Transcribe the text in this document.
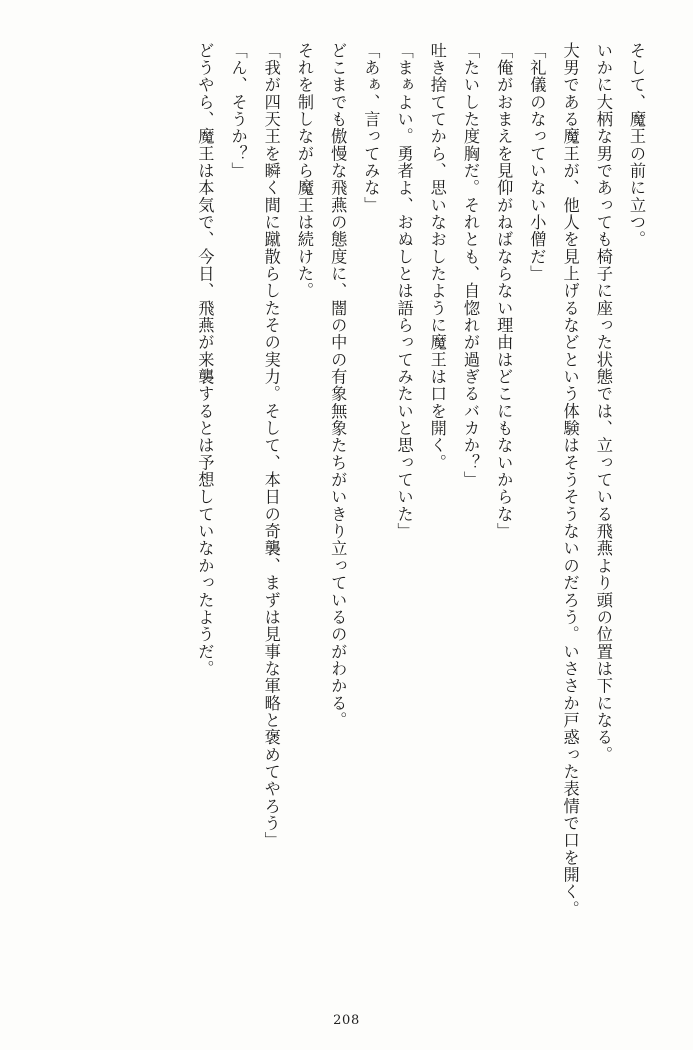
そして、魔王の前に立つ。

いかに大柄な男であっても椅子に座った状態では、立っている飛燕より頭の位置は下になる。

大男である魔王が、他人を見上げるなどという体験はそうそうないのだろう。いささか戸惑った表情で口を開く。

「礼儀のなっていない小僧だ」

「俺がおまえを見仰がねばならない理由はどこにもないからな」

「たいした度胸だ。それとも、自惚れが過ぎるバカか？」

吐き捨ててから、思いなおしたように魔王は口を開く。

「まぁよい。勇者よ、おぬしとは語らってみたいと思っていた」

「あぁ、言ってみな」

どこまでも傲慢な飛燕の態度に、闇の中の有象無象たちがいきり立っているのがわかる。

それを制しながら魔王は続けた。

「我が四天王を瞬く間に蹴散らしたその実力。そして、本日の奇襲、まずは見事な軍略と褒めてやろう」

「ん、そうか？」

どうやら、魔王は本気で、今日、飛燕が来襲するとは予想していなかったようだ。

208
